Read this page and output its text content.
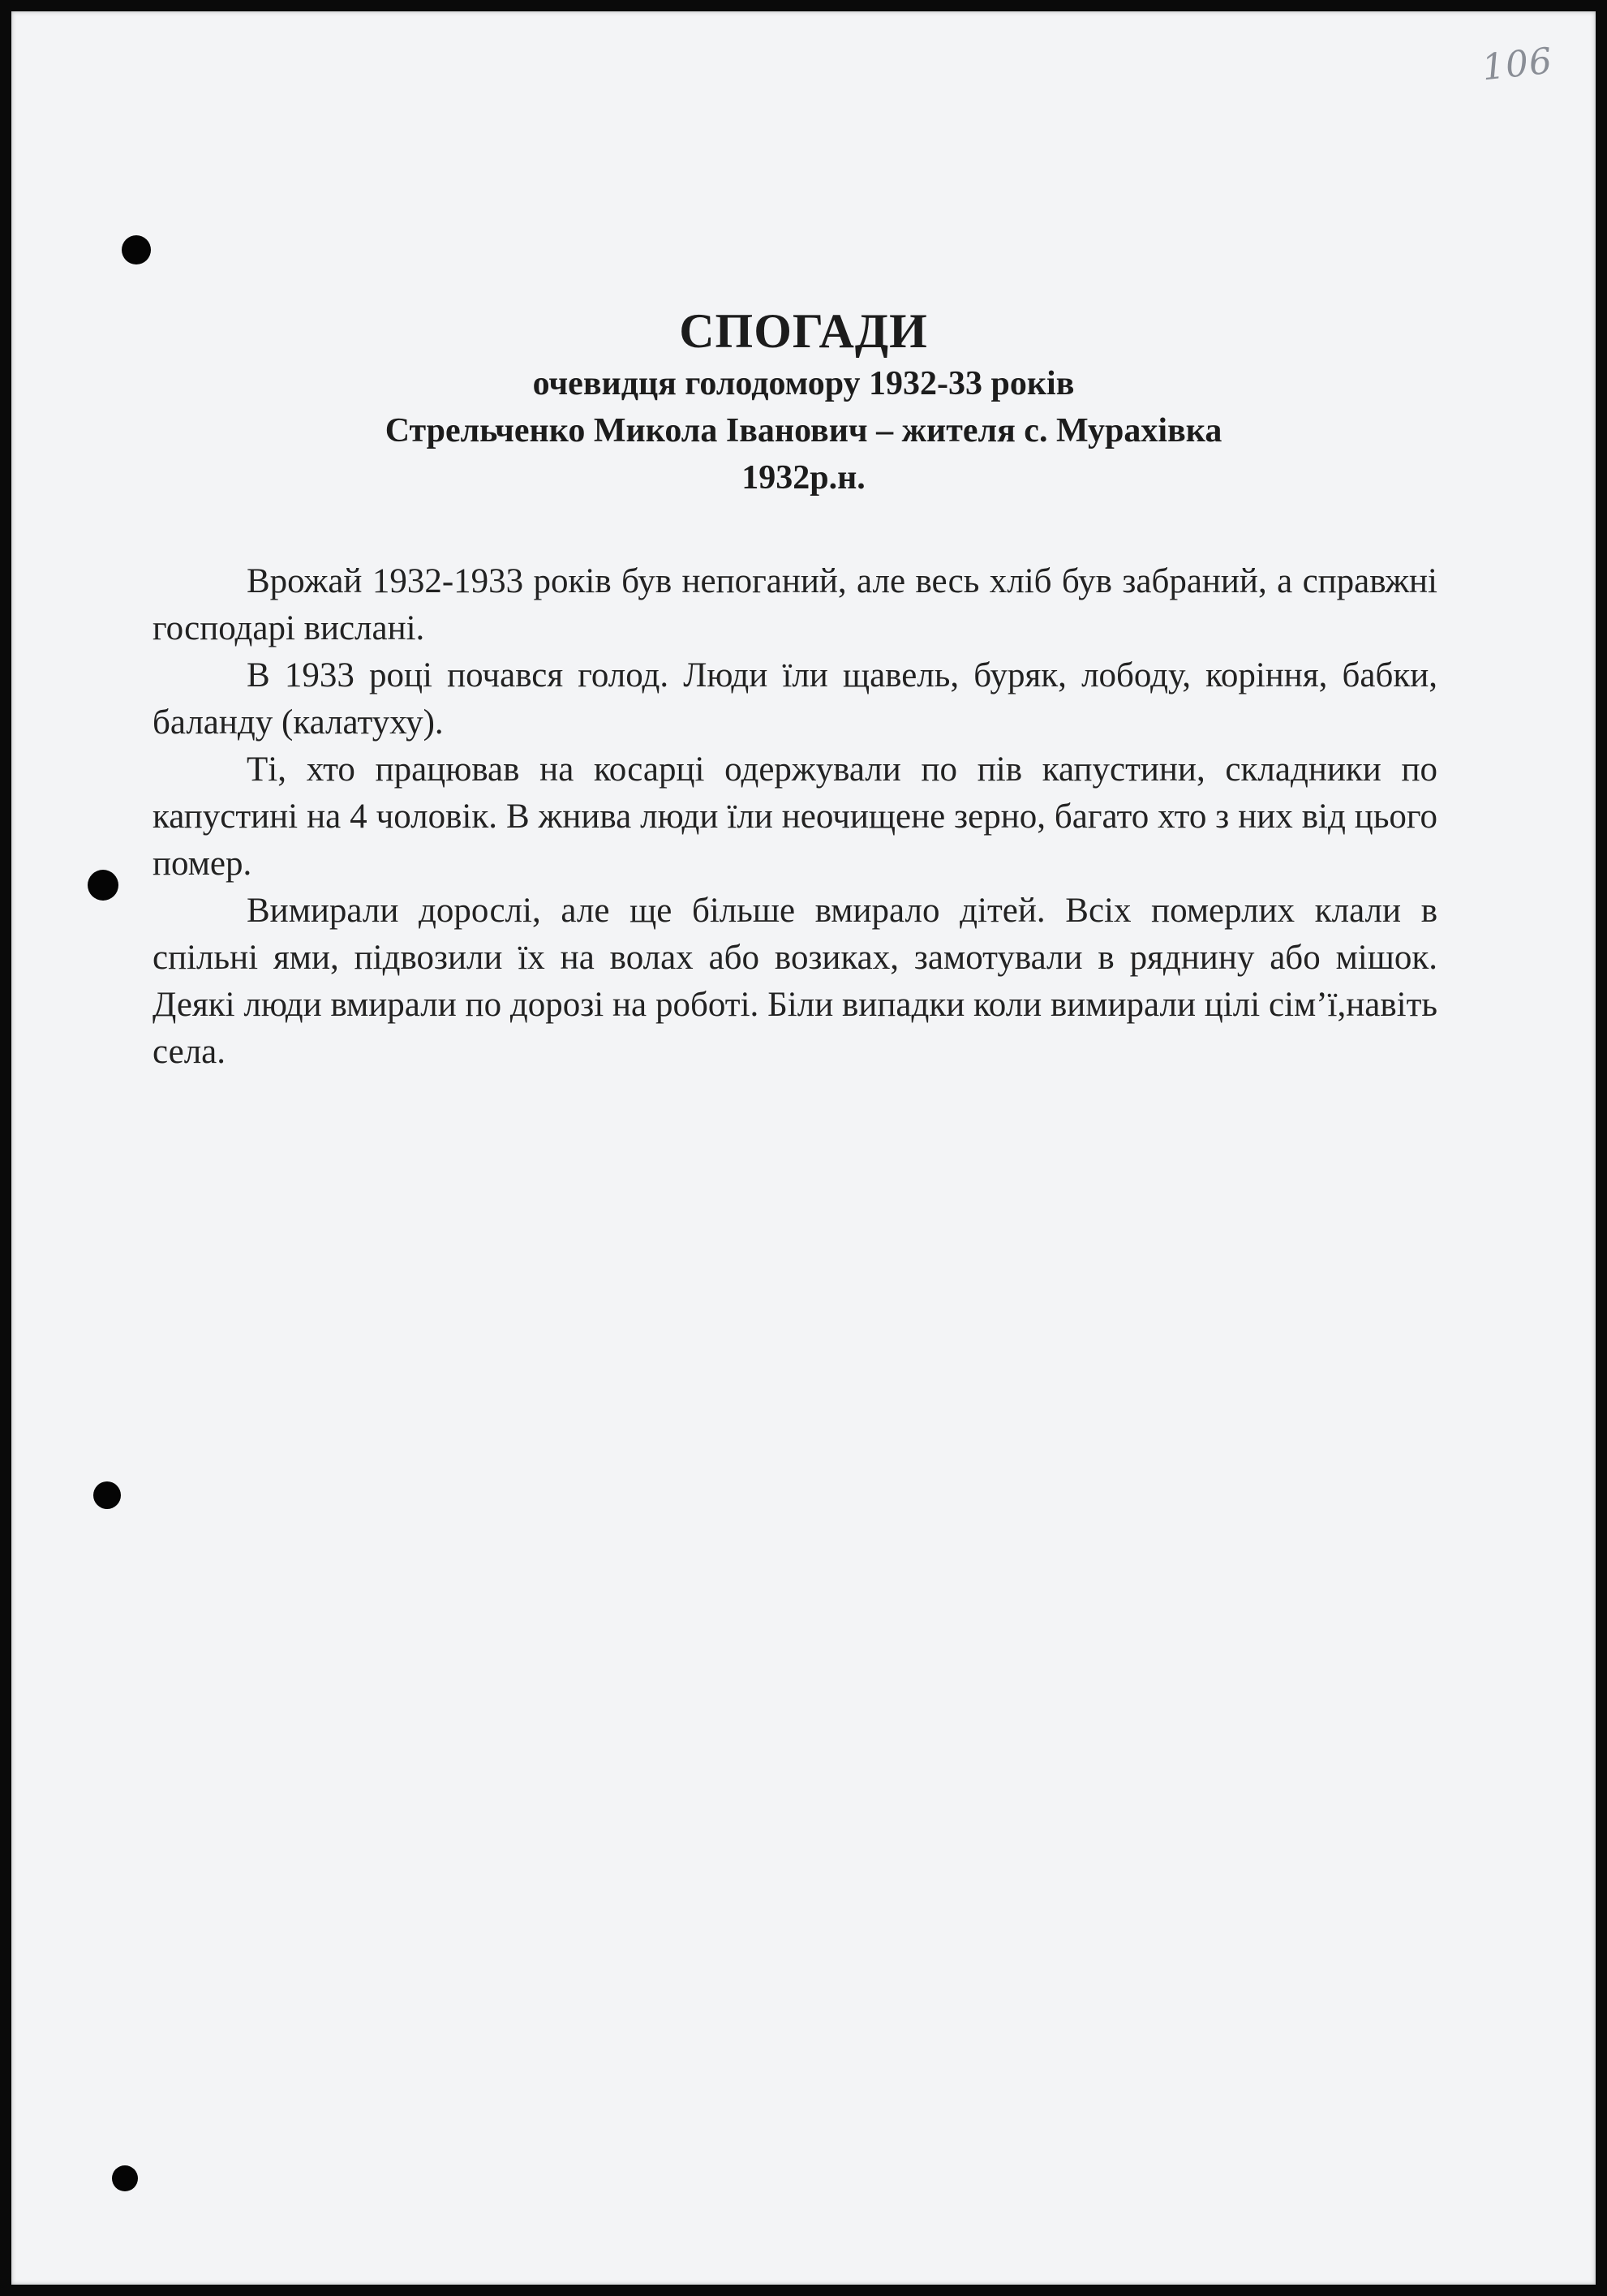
106
СПОГАДИ
очевидця голодомору 1932-33 років
Стрельченко Микола Іванович – жителя с. Мурахівка
1932р.н.

Врожай 1932-1933 років був непоганий, але весь хліб був забраний, а справжні господарі вислані.

В 1933 році почався голод. Люди їли щавель, буряк, лободу, коріння, бабки, баланду (калатуху).

Ті, хто працював на косарці одержували по пів капустини, складники по капустині на 4 чоловік. В жнива люди їли неочищене зерно, багато хто з них від цього помер.

Вимирали дорослі, але ще більше вмирало дітей. Всіх померлих клали в спільні ями, підвозили їх на волах або возиках, замотували в ряднину або мішок. Деякі люди вмирали по дорозі на роботі. Біли випадки коли вимирали цілі сім’ї,навіть села.
